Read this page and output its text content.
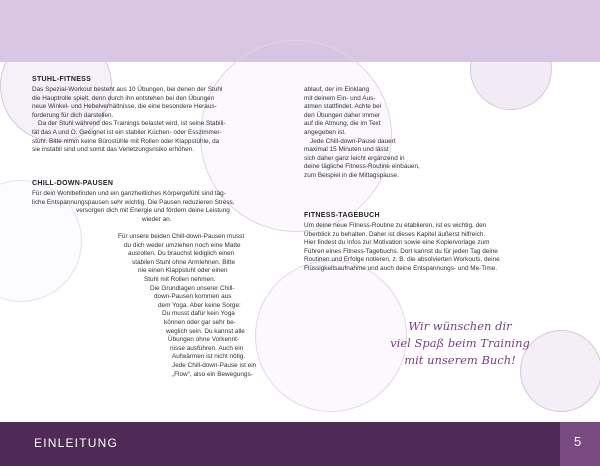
STUHL-FITNESS
Das Spezial-Workout besteht aus 10 Übungen, bei denen der Stuhl
die Hauptrolle spielt, denn durch ihn entstehen bei den Übungen
neue Winkel- und Hebelverhältnisse, die eine besondere Heraus-
forderung für dich darstellen.
Da der Stuhl während des Trainings belastet wird, ist seine Stabili-
tät das A und O. Geeignet ist ein stabiler Küchen- oder Esszimmer-
stuhl. Bitte nimm keine Bürostühle mit Rollen oder Klappstühle, da
sie instabil sind und somit das Verletzungsrisiko erhöhen.
CHILL-DOWN-PAUSEN
Für dein Wohlbefinden und ein ganzheitliches Körpergefühl sind täg-
liche Entspannungspausen sehr wichtig. Die Pausen reduzieren Stress,
versorgen dich mit Energie und fördern deine Leistung
wieder an.
Für unsere beiden Chill-down-Pausen musst
du dich weder umziehen noch eine Matte
ausrollen. Du brauchst lediglich einen
stabilen Stuhl ohne Armlehnen. Bitte
nie einen Klappstuhl oder einen
Stuhl mit Rollen nehmen.
Die Grundlagen unserer Chill-
down-Pausen kommen aus
dem Yoga. Aber keine Sorge:
Du musst dafür kein Yoga
können oder gar sehr be-
weglich sein. Du kannst alle
Übungen ohne Vorkennt-
nisse ausführen. Auch ein
Aufwärmen ist nicht nötig.
Jede Chill-down-Pause ist ein
„Flow", also ein Bewegungs-
ablauf, der im Einklang
mit deinem Ein- und Aus-
atmen stattfindet. Achte bei
den Übungen daher immer
auf die Atmung, die im Text
angegeben ist.
Jede Chill-down-Pause dauert
maximal 15 Minuten und lässt
sich daher ganz leicht ergänzend in
deine tägliche Fitness-Routine einbauen,
zum Beispiel in die Mittagspause.
FITNESS-TAGEBUCH
Um deine neue Fitness-Routine zu etablieren, ist es wichtig, den
Überblick zu behalten. Daher ist dieses Kapitel äußerst hilfreich.
Hier findest du Infos zur Motivation sowie eine Kopiervorlage zum
Führen eines Fitness-Tagebuchs. Dort kannst du für jeden Tag deine
Routinen und Erfolge notieren, z. B. die absolvierten Workouts, deine
Flüssigkeitsaufnahme und auch deine Entspannungs- und Me-Time.
Wir wünschen dir
viel Spaß beim Training
mit unserem Buch!
EINLEITUNG	5
